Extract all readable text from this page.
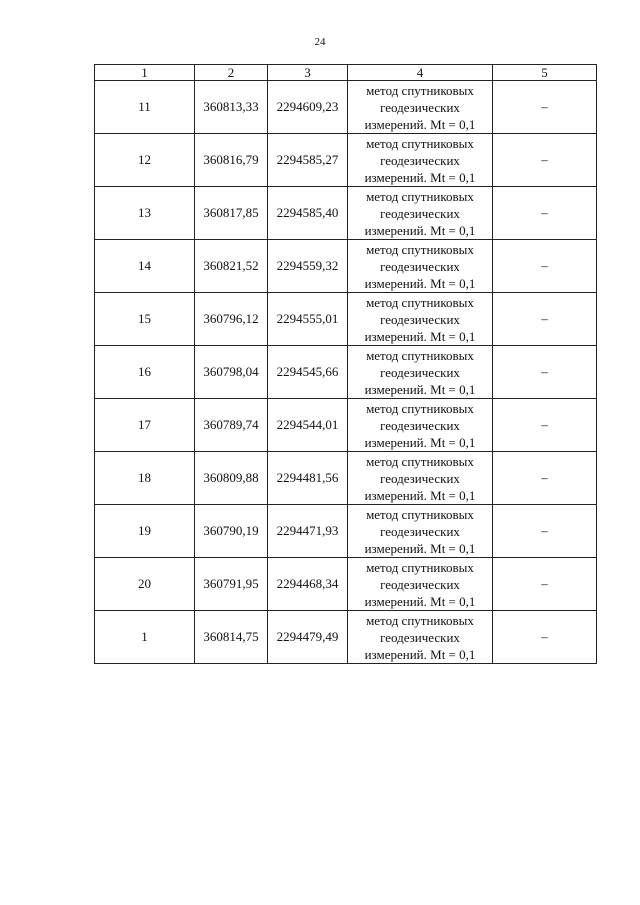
24
1	2	3	4	5
11	360813,33	2294609,23	метод спутниковых
геодезических
измерений. Mt = 0,1	–
12	360816,79	2294585,27	метод спутниковых
геодезических
измерений. Mt = 0,1	–
13	360817,85	2294585,40	метод спутниковых
геодезических
измерений. Mt = 0,1	–
14	360821,52	2294559,32	метод спутниковых
геодезических
измерений. Mt = 0,1	–
15	360796,12	2294555,01	метод спутниковых
геодезических
измерений. Mt = 0,1	–
16	360798,04	2294545,66	метод спутниковых
геодезических
измерений. Mt = 0,1	–
17	360789,74	2294544,01	метод спутниковых
геодезических
измерений. Mt = 0,1	–
18	360809,88	2294481,56	метод спутниковых
геодезических
измерений. Mt = 0,1	–
19	360790,19	2294471,93	метод спутниковых
геодезических
измерений. Mt = 0,1	–
20	360791,95	2294468,34	метод спутниковых
геодезических
измерений. Mt = 0,1	–
1	360814,75	2294479,49	метод спутниковых
геодезических
измерений. Mt = 0,1	–
